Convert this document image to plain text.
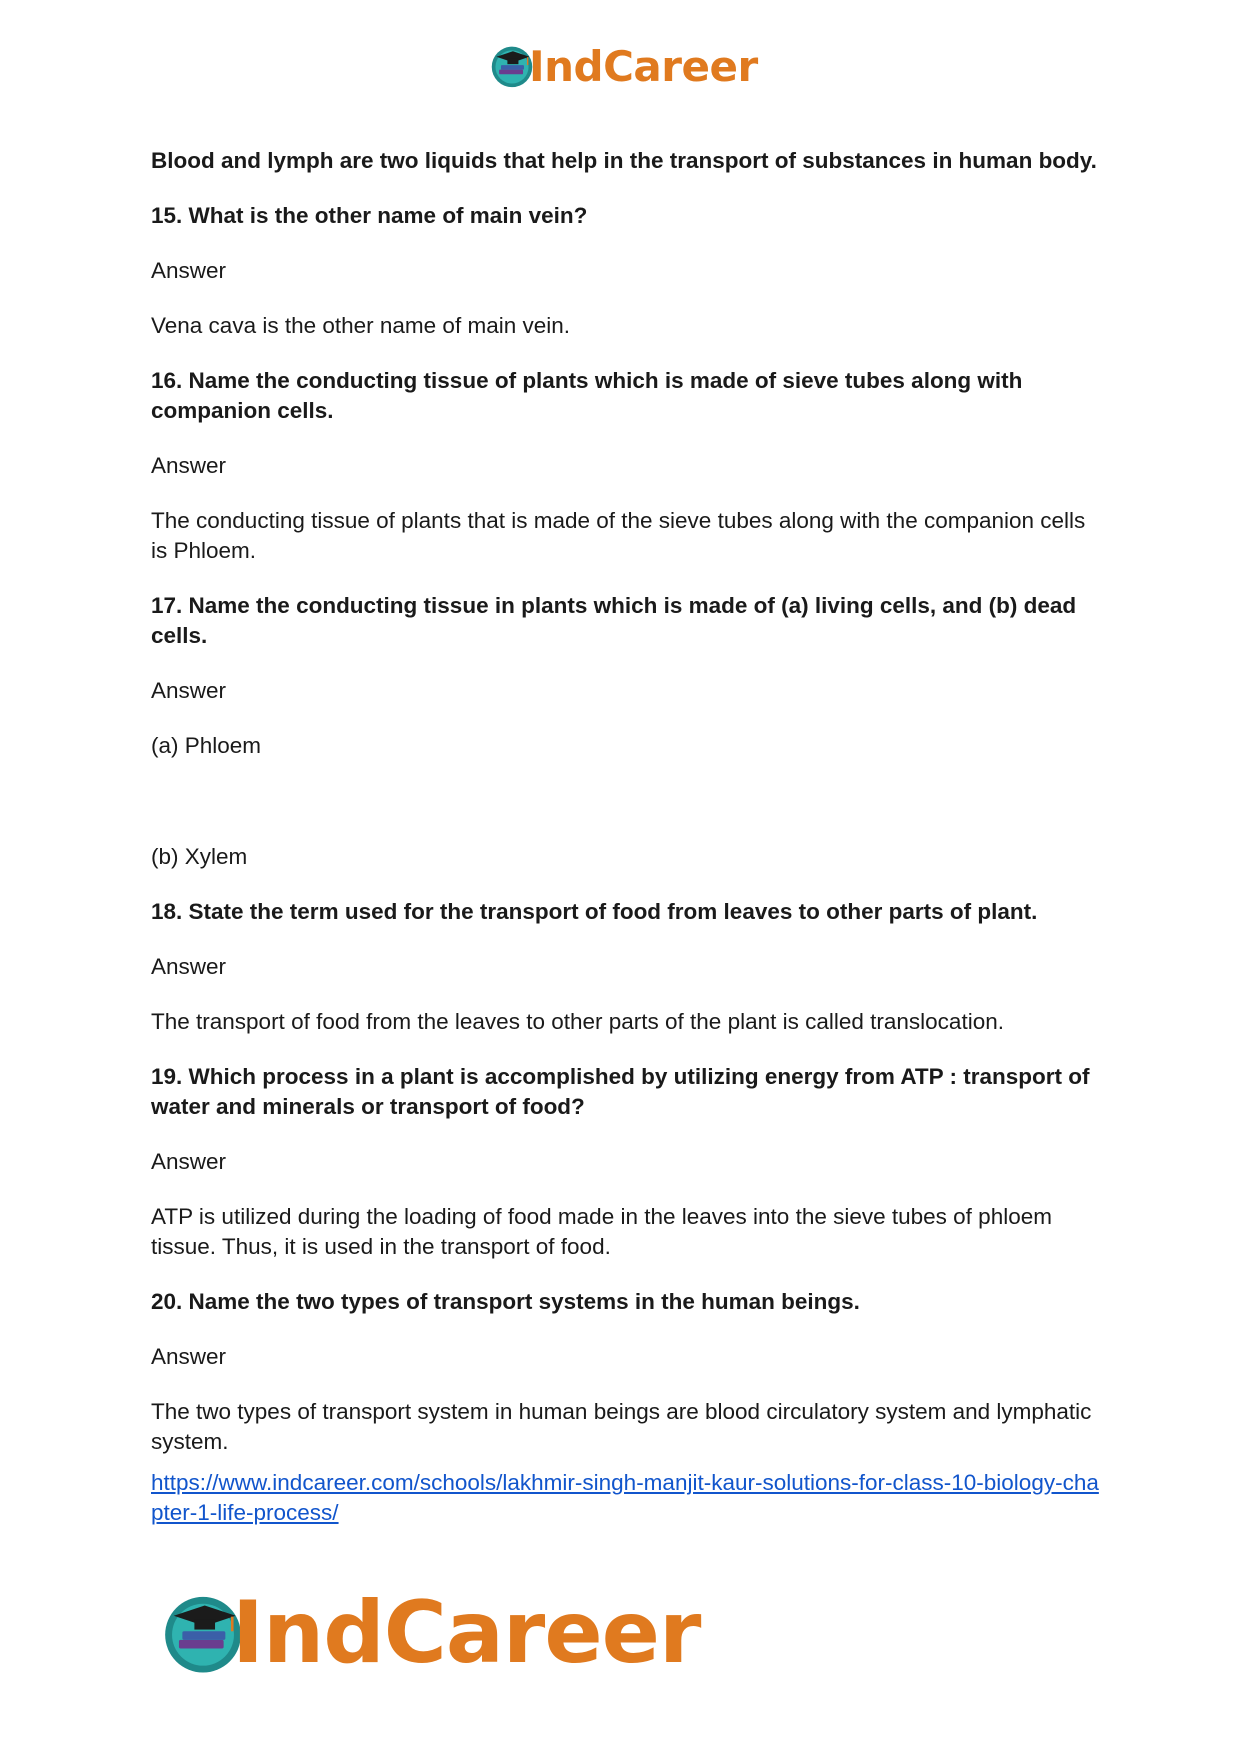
IndCareer

Blood and lymph are two liquids that help in the transport of substances in human body.

15. What is the other name of main vein?

Answer

Vena cava is the other name of main vein.

16. Name the conducting tissue of plants which is made of sieve tubes along with companion cells.

Answer

The conducting tissue of plants that is made of the sieve tubes along with the companion cells is Phloem.

17. Name the conducting tissue in plants which is made of (a) living cells, and (b) dead cells.

Answer

(a) Phloem

(b) Xylem

18. State the term used for the transport of food from leaves to other parts of plant.

Answer

The transport of food from the leaves to other parts of the plant is called translocation.

19. Which process in a plant is accomplished by utilizing energy from ATP : transport of water and minerals or transport of food?

Answer

ATP is utilized during the loading of food made in the leaves into the sieve tubes of phloem tissue. Thus, it is used in the transport of food.

20. Name the two types of transport systems in the human beings.

Answer

The two types of transport system in human beings are blood circulatory system and lymphatic system.

https://www.indcareer.com/schools/lakhmir-singh-manjit-kaur-solutions-for-class-10-biology-chapter-1-life-process/

IndCareer
